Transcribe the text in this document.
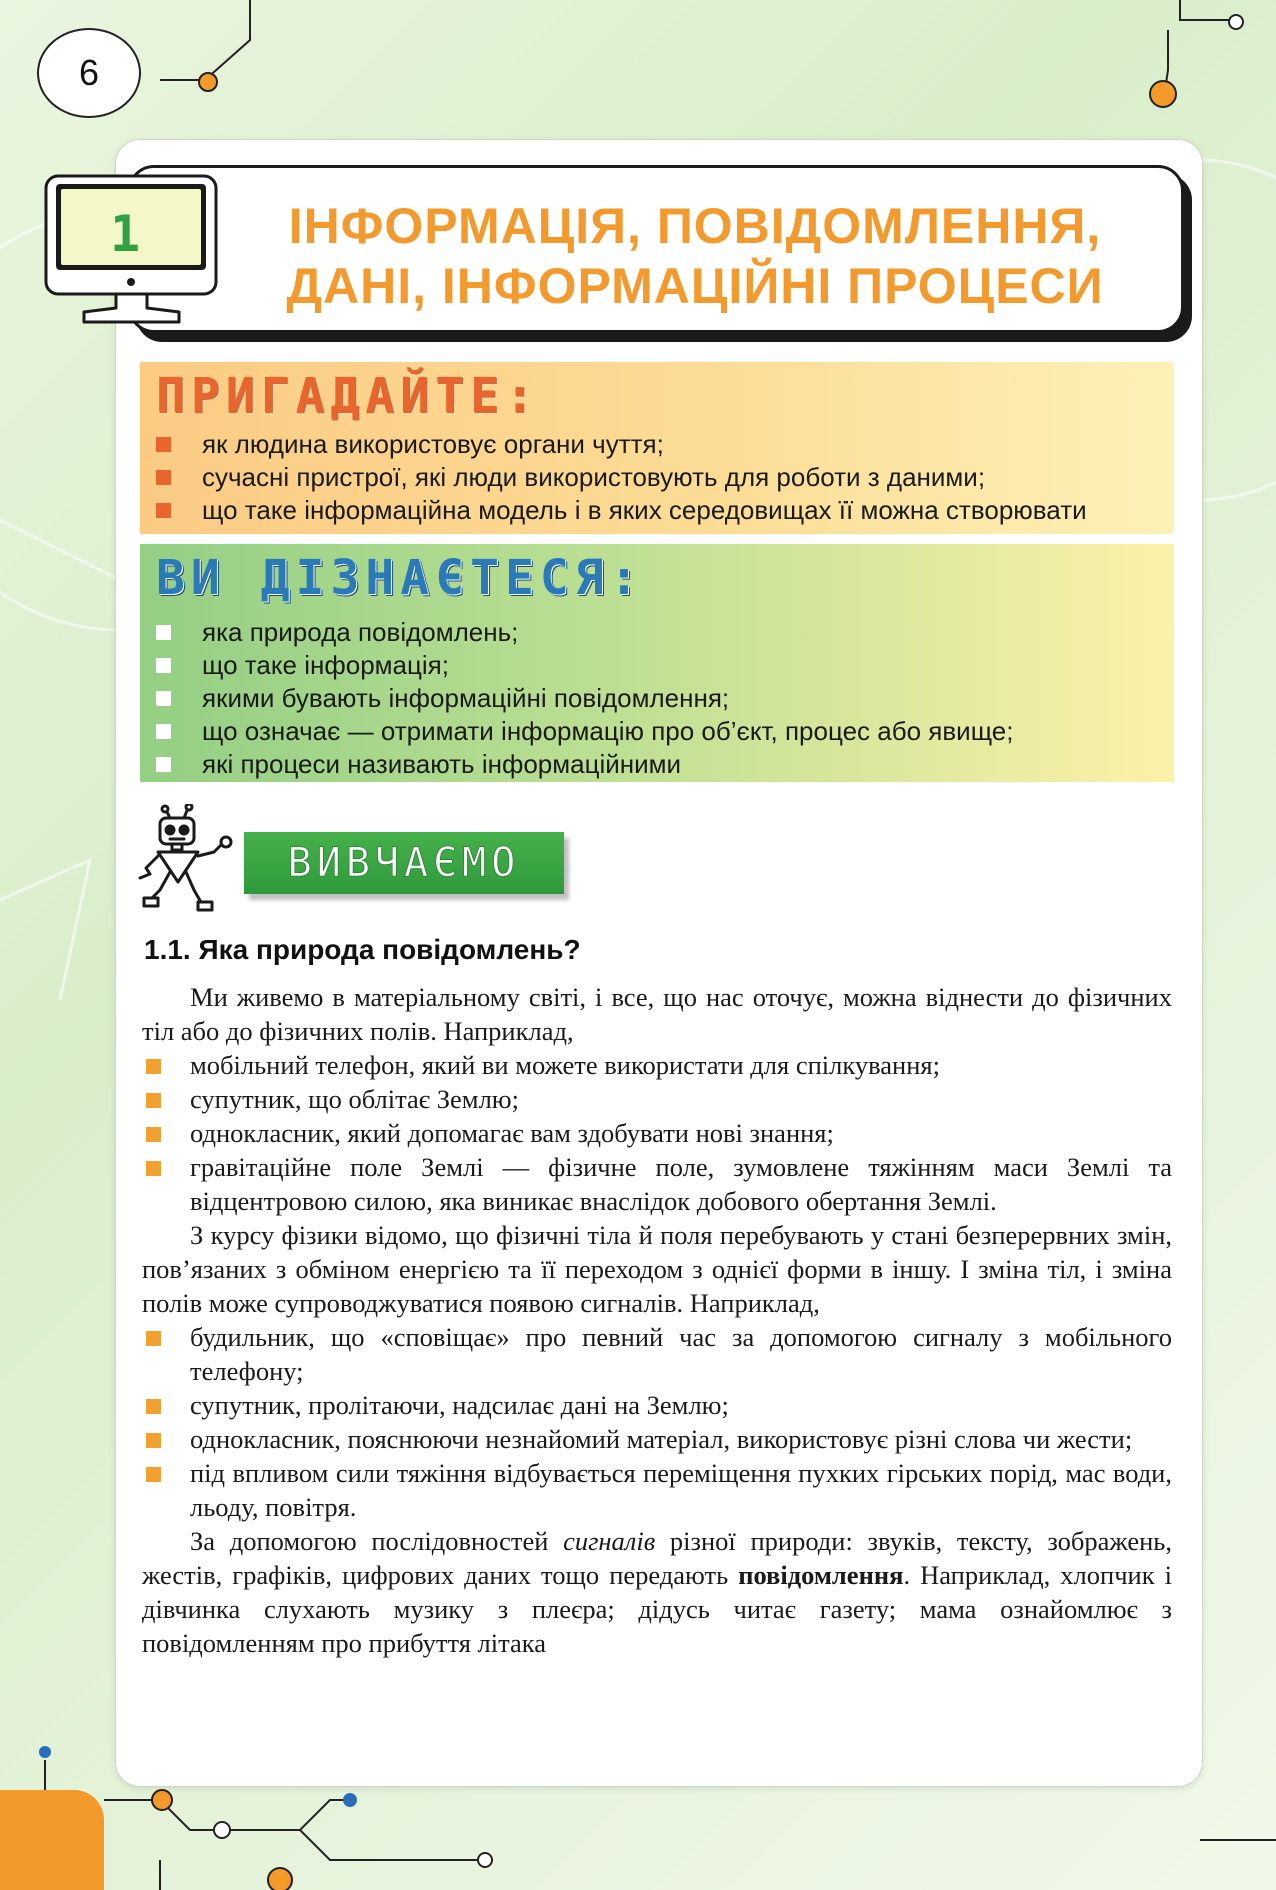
6
1	ІНФОРМАЦІЯ, ПОВІДОМЛЕННЯ,
ДАНІ, ІНФОРМАЦІЙНІ ПРОЦЕСИ
ПРИГАДАЙТЕ:
як людина використовує органи чуття;
сучасні пристрої, які люди використовують для роботи з даними;
що таке інформаційна модель і в яких середовищах її можна створювати
ВИ ДІЗНАЄТЕСЯ:
яка природа повідомлень;
що таке інформація;
якими бувають інформаційні повідомлення;
що означає — отримати інформацію про об’єкт, процес або явище;
які процеси називають інформаційними
ВИВЧАЄМО
1.1. Яка природа повідомлень?

Ми живемо в матеріальному світі, і все, що нас оточує, можна віднести до фізичних тіл або до фізичних полів. Наприклад,

мобільний телефон, який ви можете використати для спілкування;
супутник, що облітає Землю;
однокласник, який допомагає вам здобувати нові знання;
гравітаційне поле Землі — фізичне поле, зумовлене тяжінням маси Землі та відцентровою силою, яка виникає внаслідок добового обертання Землі.

З курсу фізики відомо, що фізичні тіла й поля перебувають у стані безперервних змін, пов’язаних з обміном енергією та її переходом з однієї форми в іншу. І зміна тіл, і зміна полів може супроводжуватися появою сигналів. Наприклад,

будильник, що «сповіщає» про певний час за допомогою сигналу з мобільного телефону;
супутник, пролітаючи, надсилає дані на Землю;
однокласник, пояснюючи незнайомий матеріал, використовує різні слова чи жести;
під впливом сили тяжіння відбувається переміщення пухких гірських порід, мас води, льоду, повітря.

За допомогою послідовностей сигналів різної природи: звуків, тексту, зображень, жестів, графіків, цифрових даних тощо передають повідомлення. Наприклад, хлопчик і дівчинка слухають музику з плеєра; дідусь читає газету; мама ознайомлює з повідомленням про прибуття літака
